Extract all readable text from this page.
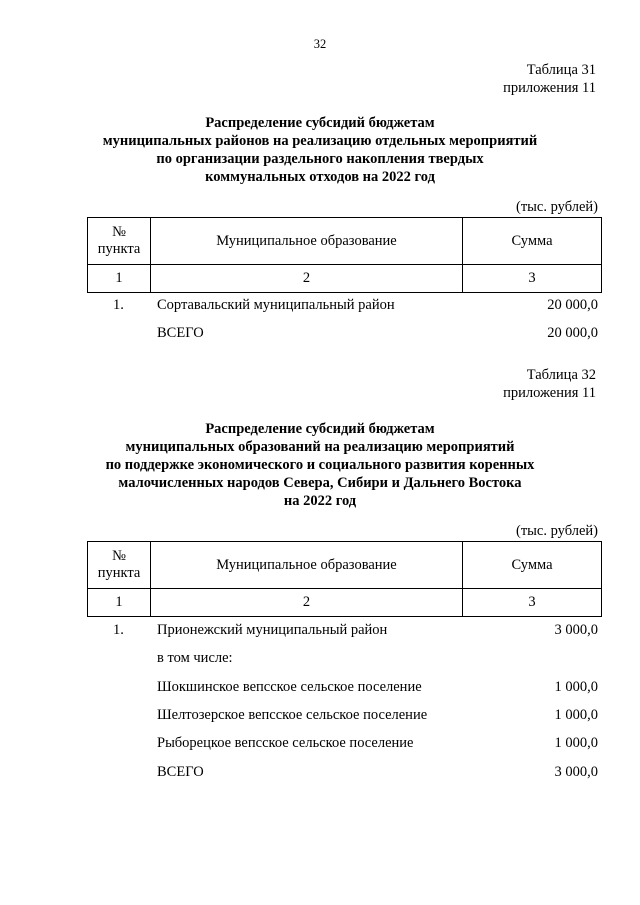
32
Таблица 31
приложения 11
Распределение субсидий бюджетам
муниципальных районов на реализацию отдельных мероприятий
по организации раздельного накопления твердых
коммунальных отходов на 2022 год
(тыс. рублей)
№
пункта	Муниципальное образование	Сумма
1	2	3
1. Сортавальский муниципальный район	20 000,0
ВСЕГО	20 000,0
Таблица 32
приложения 11
Распределение субсидий бюджетам
муниципальных образований на реализацию мероприятий
по поддержке экономического и социального развития коренных
малочисленных народов Севера, Сибири и Дальнего Востока
на 2022 год
(тыс. рублей)
№
пункта	Муниципальное образование	Сумма
1	2	3
1. Прионежский муниципальный район	3 000,0
в том числе:
Шокшинское вепсское сельское поселение	1 000,0
Шелтозерское вепсское сельское поселение	1 000,0
Рыборецкое вепсское сельское поселение	1 000,0
ВСЕГО	3 000,0
